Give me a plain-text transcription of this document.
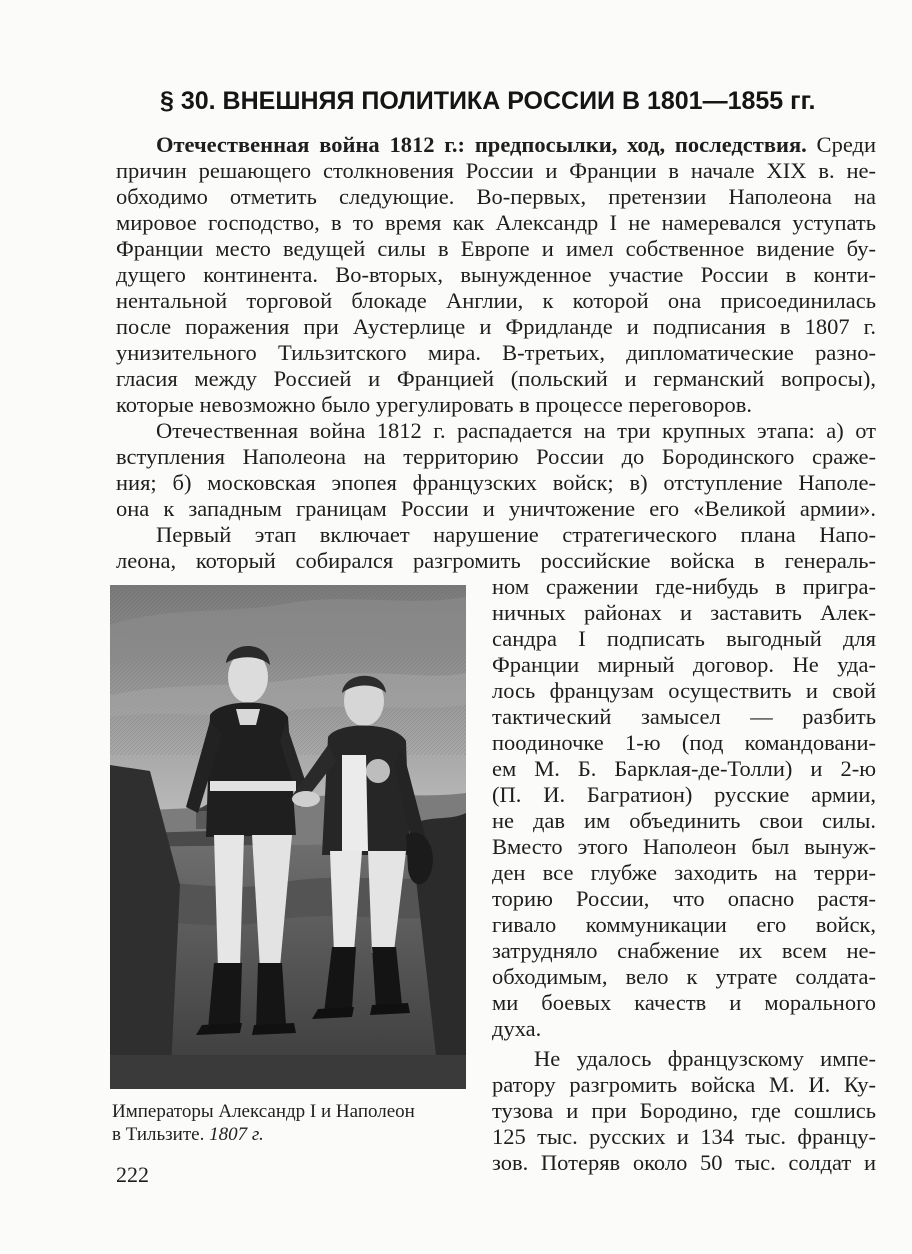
§ 30. ВНЕШНЯЯ ПОЛИТИКА РОССИИ В 1801—1855 гг.
Отечественная война 1812 г.: предпосылки, ход, последствия. Среди
причин решающего столкновения России и Франции в начале XIX в. не-
обходимо отметить следующие. Во-первых, претензии Наполеона на
мировое господство, в то время как Александр I не намеревался уступать
Франции место ведущей силы в Европе и имел собственное видение бу-
дущего континента. Во-вторых, вынужденное участие России в конти-
нентальной торговой блокаде Англии, к которой она присоединилась
после поражения при Аустерлице и Фридланде и подписания в 1807 г.
унизительного Тильзитского мира. В-третьих, дипломатические разно-
гласия между Россией и Францией (польский и германский вопросы),
которые невозможно было урегулировать в процессе переговоров.
Отечественная война 1812 г. распадается на три крупных этапа: а) от
вступления Наполеона на территорию России до Бородинского сраже-
ния; б) московская эпопея французских войск; в) отступление Наполе-
она к западным границам России и уничтожение его «Великой армии».
Первый этап включает нарушение стратегического плана Напо-
леона, который собирался разгромить российские войска в генераль-
ном сражении где-нибудь в пригра-
ничных районах и заставить Алек-
сандра I подписать выгодный для
Франции мирный договор. Не уда-
лось французам осуществить и свой
тактический замысел — разбить
поодиночке 1-ю (под командовани-
ем М. Б. Барклая-де-Толли) и 2-ю
(П. И. Багратион) русские армии,
не дав им объединить свои силы.
Вместо этого Наполеон был вынуж-
ден все глубже заходить на терри-
торию России, что опасно растя-
гивало коммуникации его войск,
затрудняло снабжение их всем не-
обходимым, вело к утрате солдата-
ми боевых качеств и морального
духа.
Не удалось французскому импе-
ратору разгромить войска М. И. Ку-
тузова и при Бородино, где сошлись
125 тыс. русских и 134 тыс. францу-
зов. Потеряв около 50 тыс. солдат и
Императоры Александр I и Наполеон
в Тильзите. 1807 г.
222
